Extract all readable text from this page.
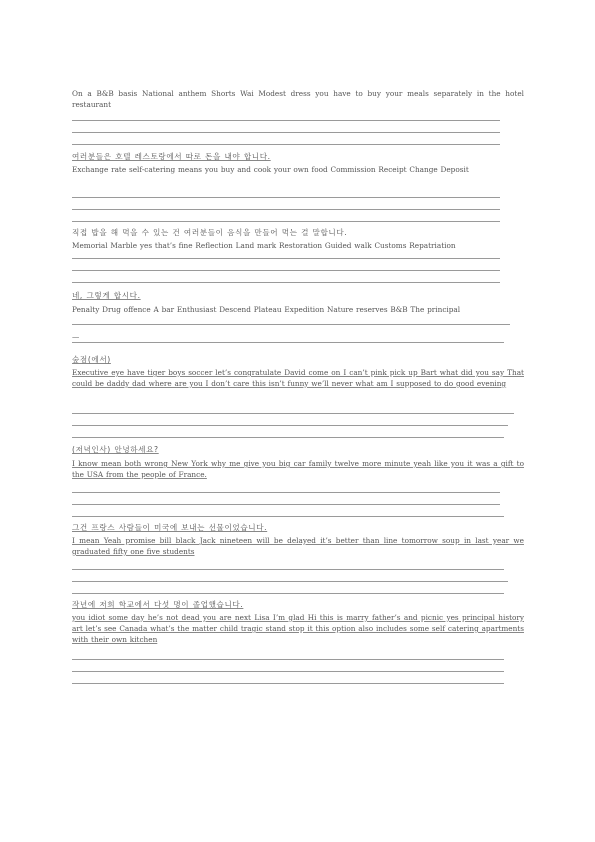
On a B&B basis National anthem Shorts Wai Modest dress you have to buy your meals separately in the hotel restaurant
여러분들은 호텔 레스토랑에서 따로 돈을 내야 합니다.
Exchange rate self-catering means you buy and cook your own food Commission Receipt Change Deposit
직접 밥을 해 먹을 수 있는 건 여러분들이 음식을 만들어 먹는 걸 말합니다.
Memorial Marble yes that’s fine Reflection Land mark Restoration Guided walk Customs Repatriation
네, 그렇게 합시다.
Penalty Drug offence A bar Enthusiast Descend Plateau Expedition Nature reserves B&B The principal
—
숲점(에서)
Executive eye have tiger boys soccer let’s congratulate David come on I can’t pink pick up Bart what did you say That could be daddy dad where are you I don’t care this isn’t funny we’ll never what am I supposed to do good evening
(저녁인사) 안녕하세요?
I know mean both wrong New York why me give you big car family twelve more minute yeah like you it was a gift to the USA from the people of France.
그건 프랑스 사람들이 미국에 보내는 선물이었습니다.
I mean Yeah promise bill black Jack nineteen will be delayed it’s better than line tomorrow soup in last year we graduated fifty one five students
작년에 저희 학교에서 다섯 명이 졸업했습니다.
you idiot some day he’s not dead you are next Lisa I’m glad Hi this is marry father’s and picnic yes principal history art let’s see Canada what’s the matter child tragic stand stop it this option also includes some self catering apartments with their own kitchen
